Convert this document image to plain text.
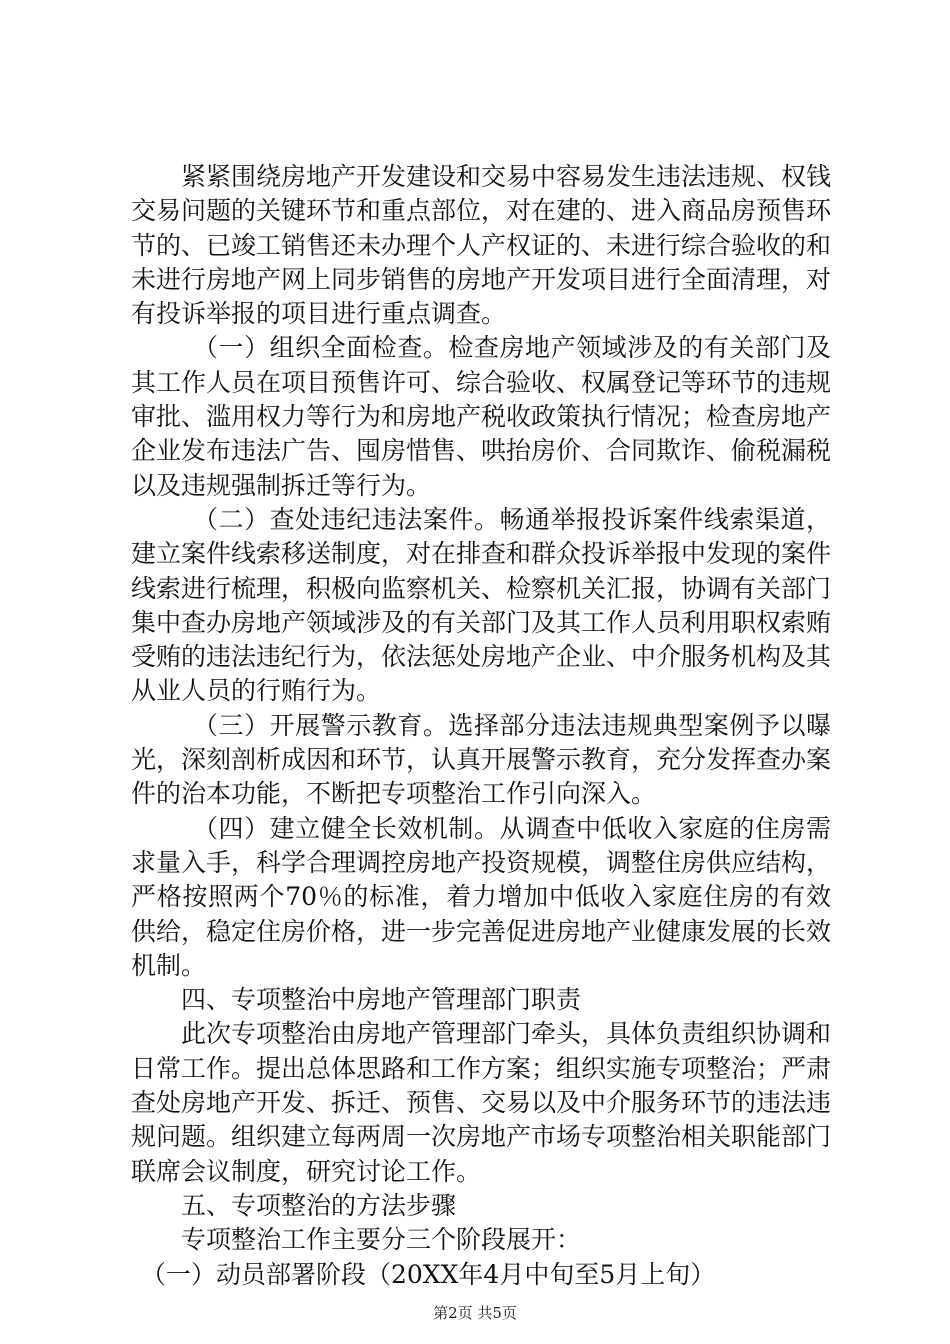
紧紧围绕房地产开发建设和交易中容易发生违法违规、权钱交易问题的关键环节和重点部位，对在建的、进入商品房预售环节的、已竣工销售还未办理个人产权证的、未进行综合验收的和未进行房地产网上同步销售的房地产开发项目进行全面清理，对有投诉举报的项目进行重点调查。

（一）组织全面检查。检查房地产领域涉及的有关部门及其工作人员在项目预售许可、综合验收、权属登记等环节的违规审批、滥用权力等行为和房地产税收政策执行情况；检查房地产企业发布违法广告、囤房惜售、哄抬房价、合同欺诈、偷税漏税以及违规强制拆迁等行为。

（二）查处违纪违法案件。畅通举报投诉案件线索渠道，建立案件线索移送制度，对在排查和群众投诉举报中发现的案件线索进行梳理，积极向监察机关、检察机关汇报，协调有关部门集中查办房地产领域涉及的有关部门及其工作人员利用职权索贿受贿的违法违纪行为，依法惩处房地产企业、中介服务机构及其从业人员的行贿行为。

（三）开展警示教育。选择部分违法违规典型案例予以曝光，深刻剖析成因和环节，认真开展警示教育，充分发挥查办案件的治本功能，不断把专项整治工作引向深入。

（四）建立健全长效机制。从调查中低收入家庭的住房需求量入手，科学合理调控房地产投资规模，调整住房供应结构，严格按照两个70％的标准，着力增加中低收入家庭住房的有效供给，稳定住房价格，进一步完善促进房地产业健康发展的长效机制。

四、专项整治中房地产管理部门职责

此次专项整治由房地产管理部门牵头，具体负责组织协调和日常工作。提出总体思路和工作方案；组织实施专项整治；严肃查处房地产开发、拆迁、预售、交易以及中介服务环节的违法违规问题。组织建立每两周一次房地产市场专项整治相关职能部门联席会议制度，研究讨论工作。

五、专项整治的方法步骤

专项整治工作主要分三个阶段展开：

（一）动员部署阶段（20XX年4月中旬至5月上旬）

第2页 共5页
